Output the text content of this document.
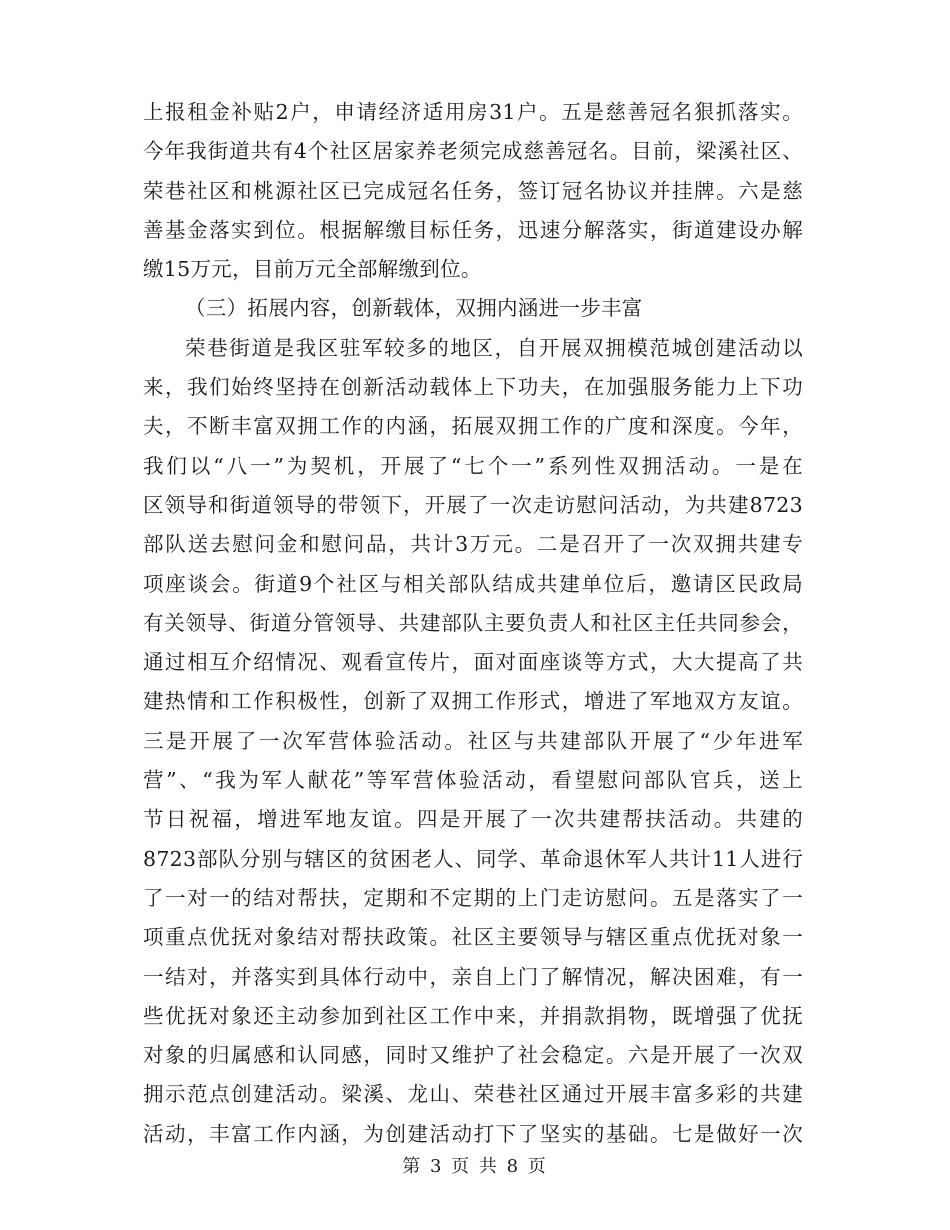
上报租金补贴2户，申请经济适用房31户。五是慈善冠名狠抓落实。
今年我街道共有4个社区居家养老须完成慈善冠名。目前，梁溪社区、
荣巷社区和桃源社区已完成冠名任务，签订冠名协议并挂牌。六是慈
善基金落实到位。根据解缴目标任务，迅速分解落实，街道建设办解
缴15万元，目前万元全部解缴到位。
（三）拓展内容，创新载体，双拥内涵进一步丰富
荣巷街道是我区驻军较多的地区，自开展双拥模范城创建活动以
来，我们始终坚持在创新活动载体上下功夫，在加强服务能力上下功
夫，不断丰富双拥工作的内涵，拓展双拥工作的广度和深度。今年，
我们以“八一”为契机，开展了“七个一”系列性双拥活动。一是在
区领导和街道领导的带领下，开展了一次走访慰问活动，为共建8723
部队送去慰问金和慰问品，共计3万元。二是召开了一次双拥共建专
项座谈会。街道9个社区与相关部队结成共建单位后，邀请区民政局
有关领导、街道分管领导、共建部队主要负责人和社区主任共同参会，
通过相互介绍情况、观看宣传片，面对面座谈等方式，大大提高了共
建热情和工作积极性，创新了双拥工作形式，增进了军地双方友谊。
三是开展了一次军营体验活动。社区与共建部队开展了“少年进军
营”、“我为军人献花”等军营体验活动，看望慰问部队官兵，送上
节日祝福，增进军地友谊。四是开展了一次共建帮扶活动。共建的
8723部队分别与辖区的贫困老人、同学、革命退休军人共计11人进行
了一对一的结对帮扶，定期和不定期的上门走访慰问。五是落实了一
项重点优抚对象结对帮扶政策。社区主要领导与辖区重点优抚对象一
一结对，并落实到具体行动中，亲自上门了解情况，解决困难，有一
些优抚对象还主动参加到社区工作中来，并捐款捐物，既增强了优抚
对象的归属感和认同感，同时又维护了社会稳定。六是开展了一次双
拥示范点创建活动。梁溪、龙山、荣巷社区通过开展丰富多彩的共建
活动，丰富工作内涵，为创建活动打下了坚实的基础。七是做好一次
第 3 页 共 8 页
